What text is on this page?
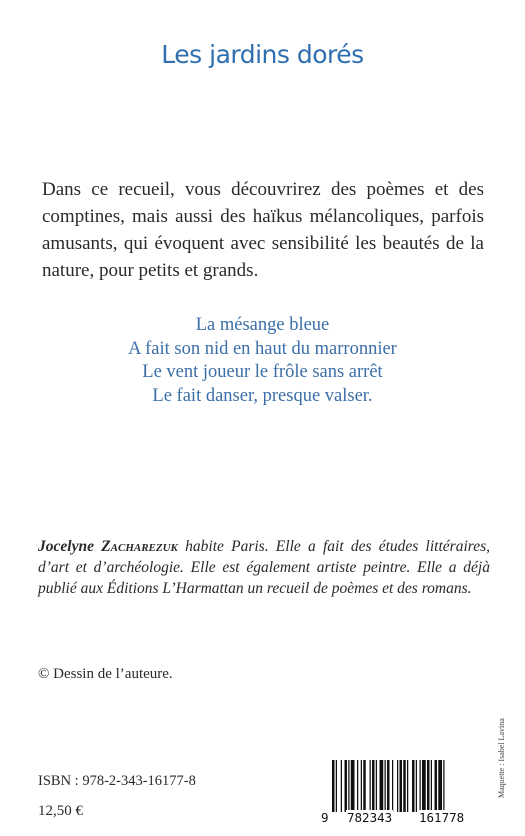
Les jardins dorés

Dans ce recueil, vous découvrirez des poèmes et des comptines, mais aussi des haïkus mélancoliques, parfois amusants, qui évoquent avec sensibilité les beautés de la nature, pour petits et grands.

La mésange bleue
A fait son nid en haut du marronnier
Le vent joueur le frôle sans arrêt
Le fait danser, presque valser.

Jocelyne Zacharezuk habite Paris. Elle a fait des études littéraires, d’art et d’archéologie. Elle est également artiste peintre. Elle a déjà publié aux Éditions L’Harmattan un recueil de poèmes et des romans.

© Dessin de l’auteure.
ISBN : 978-2-343-16177-8
12,50 €
Maquette : Isabel Lavina
9 782343 161778
